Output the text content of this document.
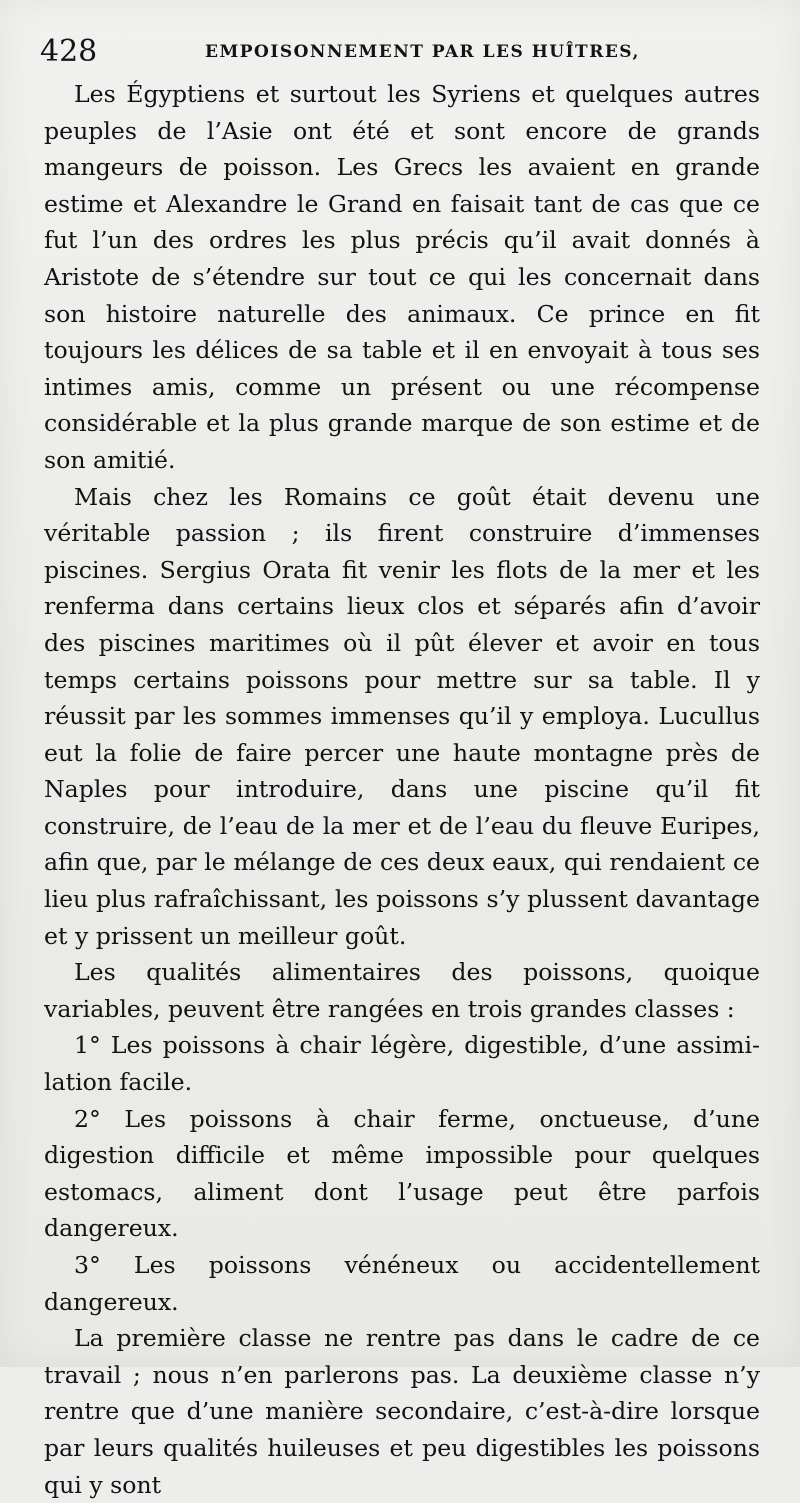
428	EMPOISONNEMENT PAR LES HUÎTRES,

Les Égyptiens et surtout les Syriens et quelques autres peuples de l’Asie ont été et sont encore de grands mangeurs de poisson. Les Grecs les avaient en grande estime et Alexandre le Grand en faisait tant de cas que ce fut l’un des ordres les plus précis qu’il avait donnés à Aristote de s’étendre sur tout ce qui les concernait dans son histoire naturelle des animaux. Ce prince en fit toujours les délices de sa table et il en envoyait à tous ses intimes amis, comme un présent ou une récompense considérable et la plus grande marque de son estime et de son amitié.

Mais chez les Romains ce goût était devenu une véritable passion ; ils firent construire d’immenses piscines. Sergius Orata fit venir les flots de la mer et les renferma dans certains lieux clos et séparés afin d’avoir des piscines maritimes où il pût élever et avoir en tous temps certains poissons pour mettre sur sa table. Il y réussit par les sommes immenses qu’il y employa. Lucullus eut la folie de faire percer une haute montagne près de Naples pour introduire, dans une piscine qu’il fit construire, de l’eau de la mer et de l’eau du fleuve Euripes, afin que, par le mélange de ces deux eaux, qui rendaient ce lieu plus rafraîchissant, les poissons s’y plussent davantage et y prissent un meilleur goût.

Les qualités alimentaires des poissons, quoique variables, peuvent être rangées en trois grandes classes :

1° Les poissons à chair légère, digestible, d’une assimilation facile.

2° Les poissons à chair ferme, onctueuse, d’une digestion difficile et même impossible pour quelques estomacs, aliment dont l’usage peut être parfois dangereux.

3° Les poissons vénéneux ou accidentellement dangereux.

La première classe ne rentre pas dans le cadre de ce travail ; nous n’en parlerons pas. La deuxième classe n’y rentre que d’une manière secondaire, c’est-à-dire lorsque par leurs qualités huileuses et peu digestibles les poissons qui y sont
